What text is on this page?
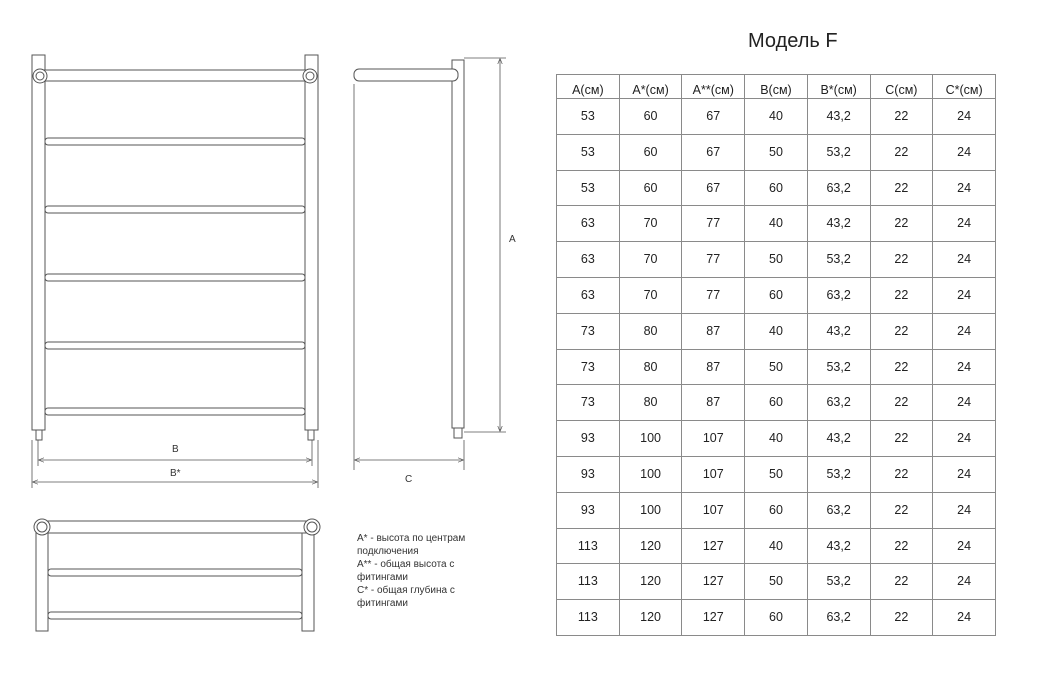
B
B*
A
C
A* - высота по центрам подключения
A** - общая высота с фитингами
C* - общая глубина с фитингами
Модель F
A(см)	A*(см)	A**(см)	B(см)	B*(см)	C(см)	C*(см)
53	60	67	40	43,2	22	24
53	60	67	50	53,2	22	24
53	60	67	60	63,2	22	24
63	70	77	40	43,2	22	24
63	70	77	50	53,2	22	24
63	70	77	60	63,2	22	24
73	80	87	40	43,2	22	24
73	80	87	50	53,2	22	24
73	80	87	60	63,2	22	24
93	100	107	40	43,2	22	24
93	100	107	50	53,2	22	24
93	100	107	60	63,2	22	24
113	120	127	40	43,2	22	24
113	120	127	50	53,2	22	24
113	120	127	60	63,2	22	24
